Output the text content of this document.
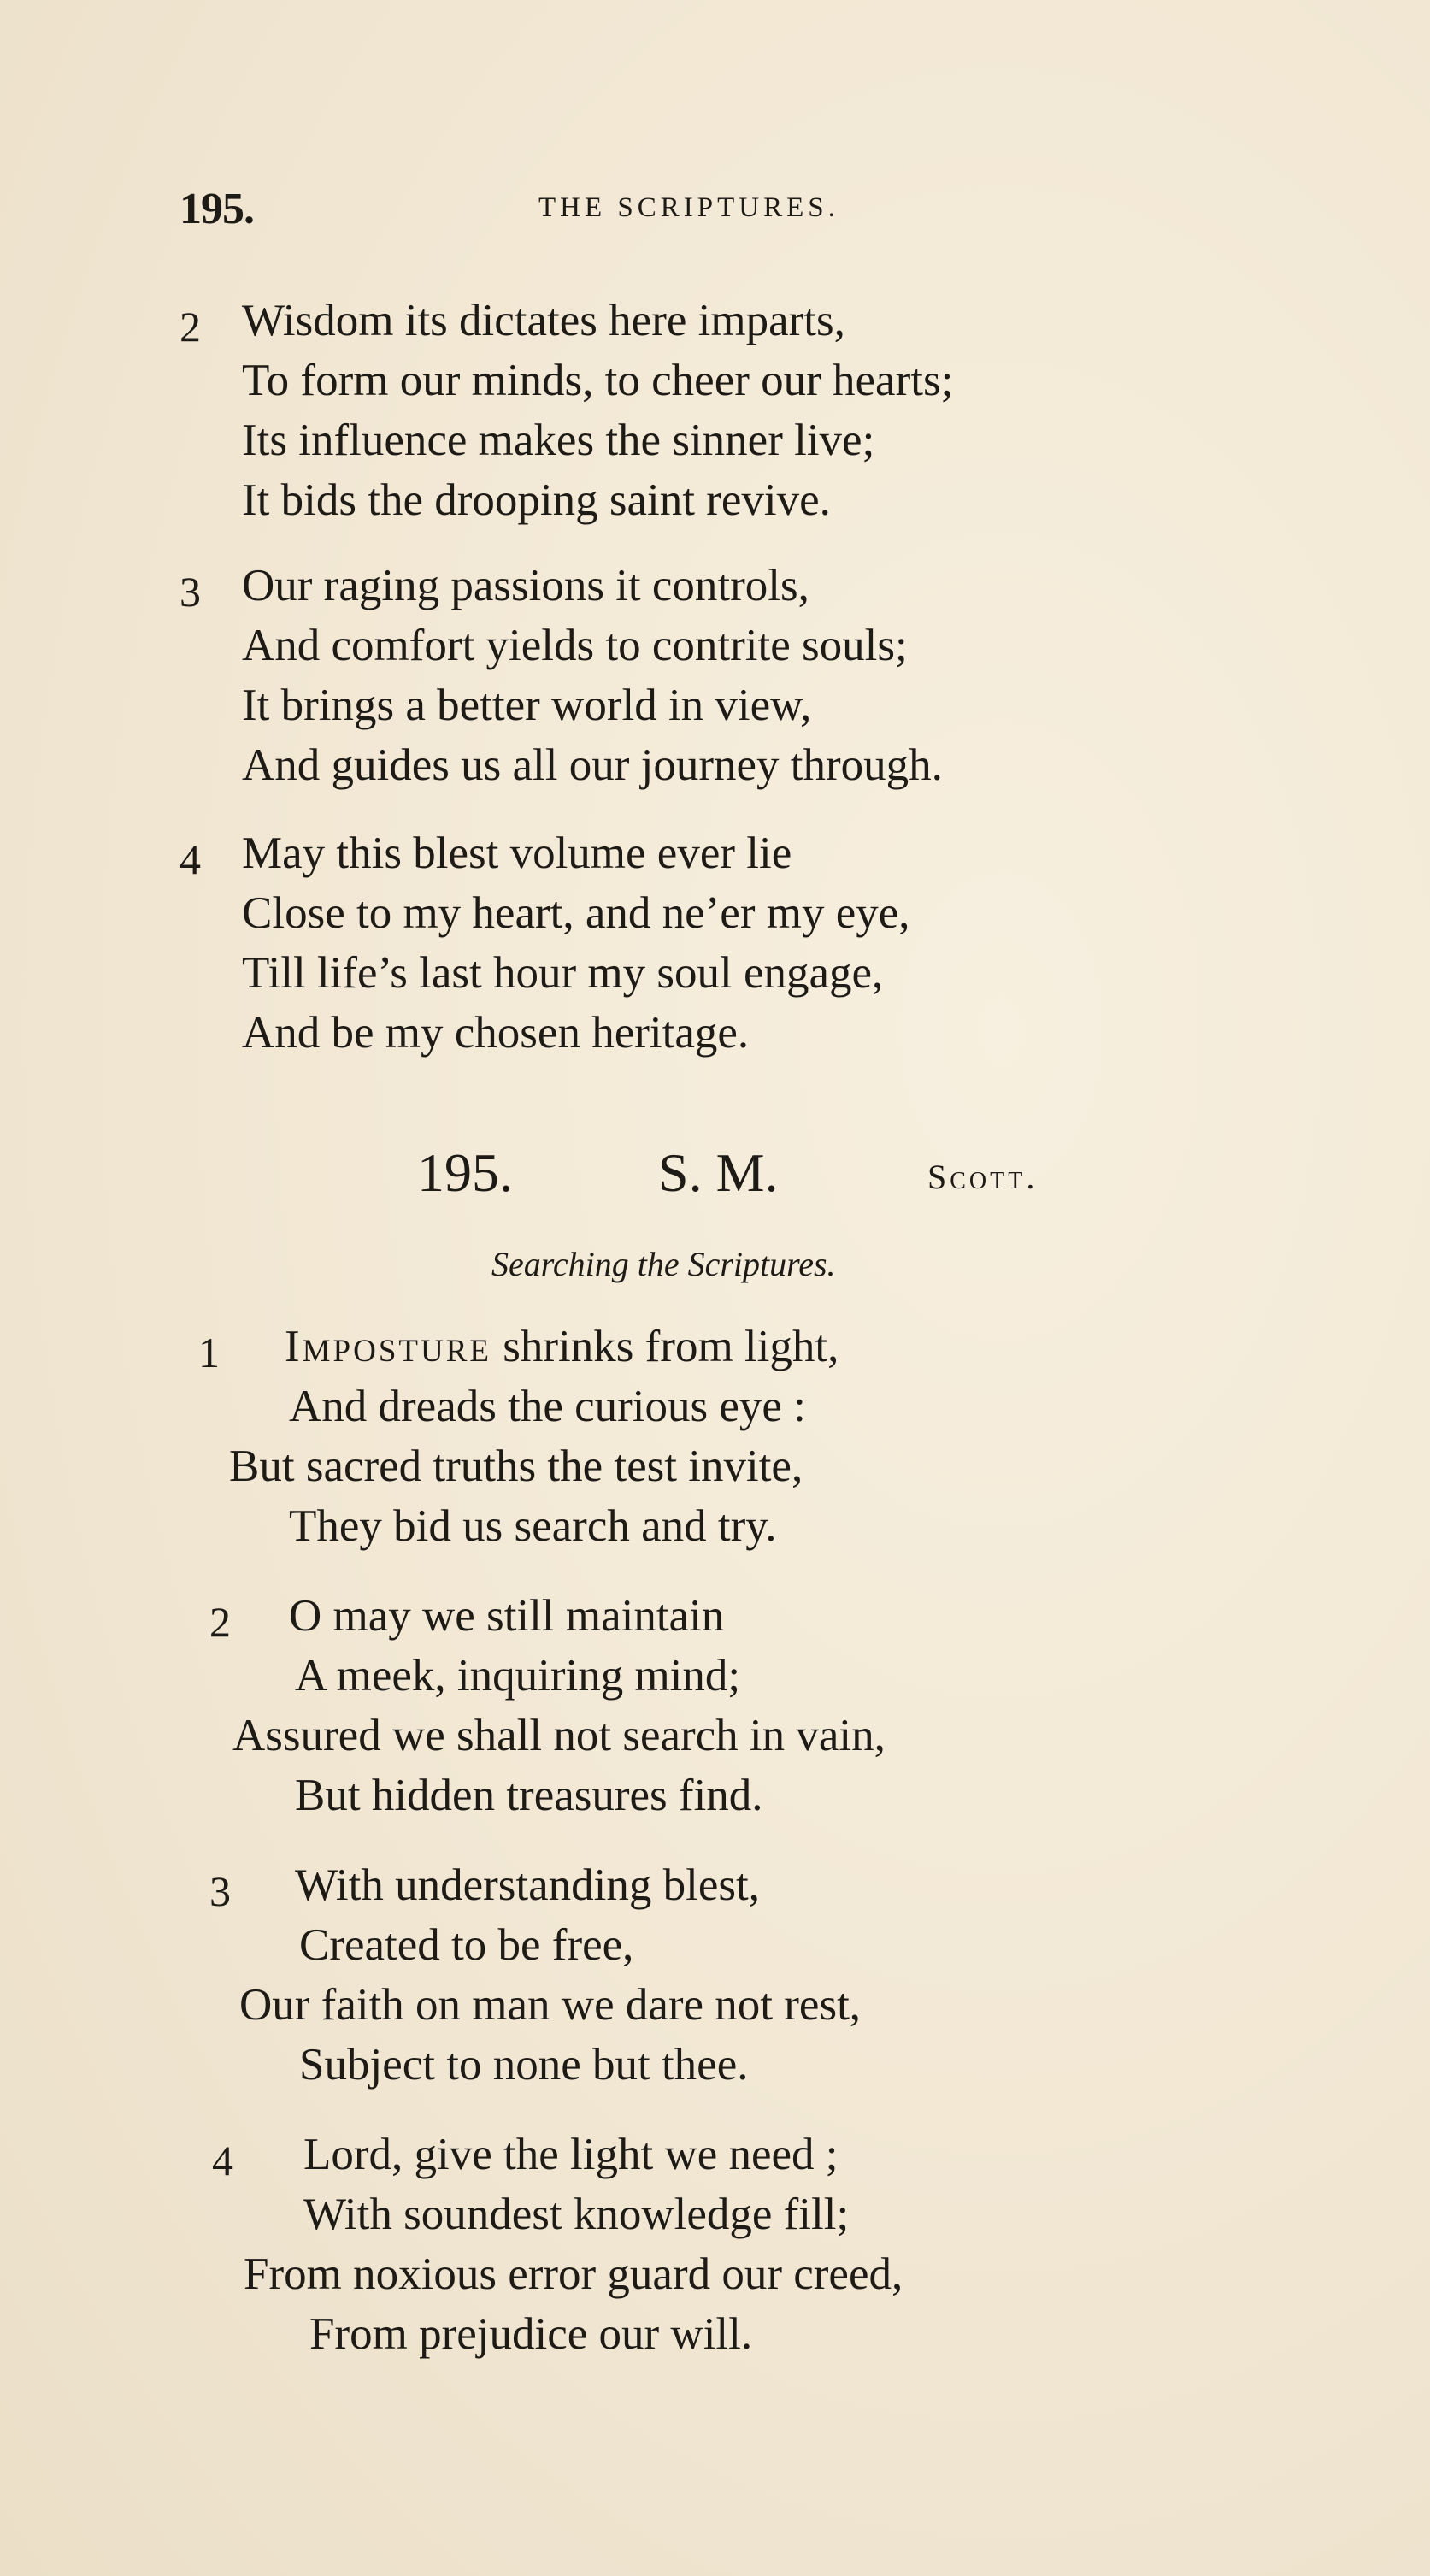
195.	THE SCRIPTURES.
2 Wisdom its dictates here imparts,
To form our minds, to cheer our hearts;
Its influence makes the sinner live;
It bids the drooping saint revive.
3 Our raging passions it controls,
And comfort yields to contrite souls;
It brings a better world in view,
And guides us all our journey through.
4 May this blest volume ever lie
Close to my heart, and ne’er my eye,
Till life’s last hour my soul engage,
And be my chosen heritage.
195.	S. M.	Scott.
Searching the Scriptures.
1 Imposture shrinks from light,
And dreads the curious eye :
But sacred truths the test invite,
They bid us search and try.
2 O may we still maintain
A meek, inquiring mind;
Assured we shall not search in vain,
But hidden treasures find.
3 With understanding blest,
Created to be free,
Our faith on man we dare not rest,
Subject to none but thee.
4 Lord, give the light we need ;
With soundest knowledge fill;
From noxious error guard our creed,
From prejudice our will.
